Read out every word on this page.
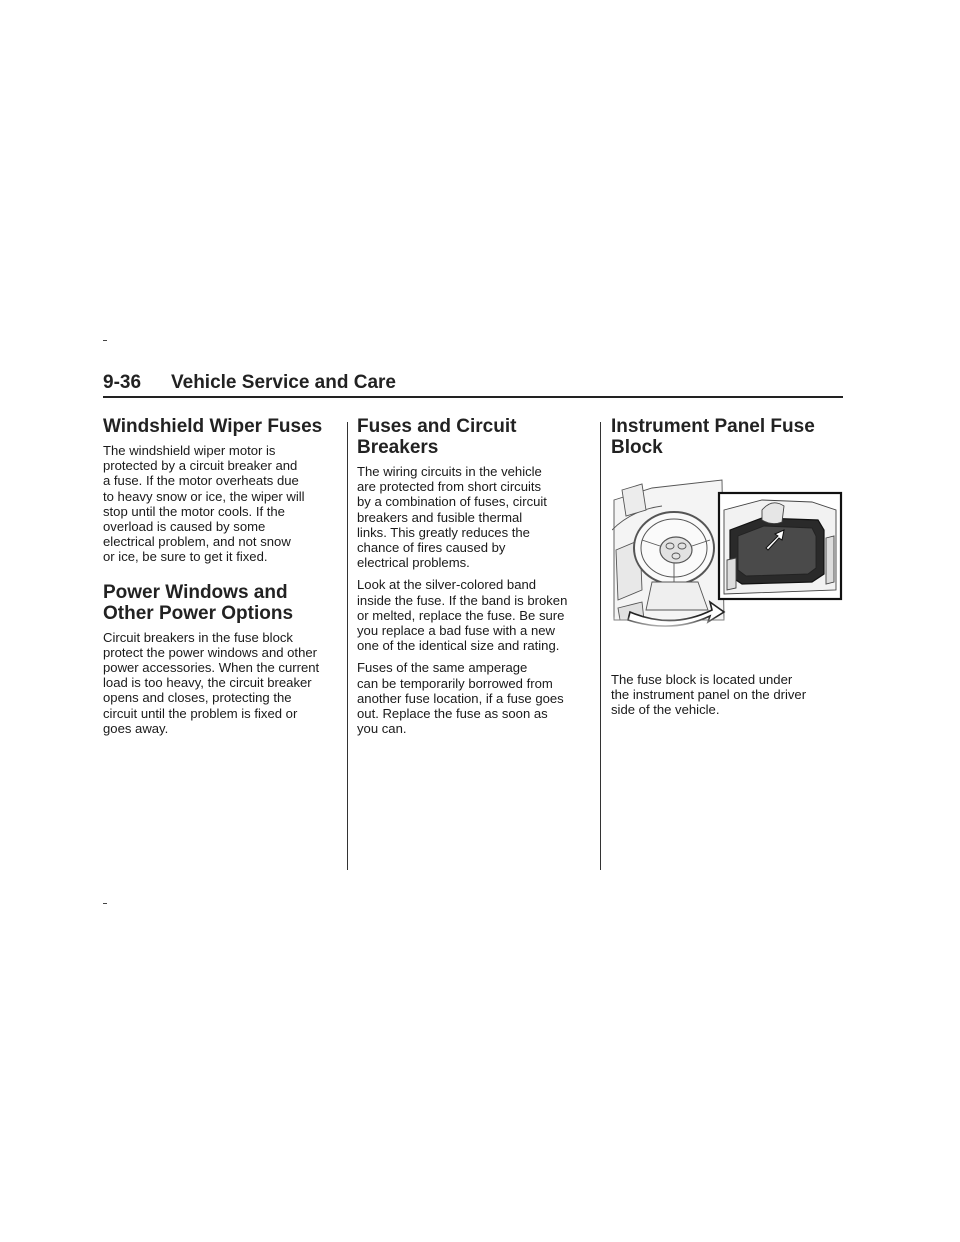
9-36 Vehicle Service and Care
Windshield Wiper Fuses

The windshield wiper motor is
protected by a circuit breaker and
a fuse. If the motor overheats due
to heavy snow or ice, the wiper will
stop until the motor cools. If the
overload is caused by some
electrical problem, and not snow
or ice, be sure to get it fixed.

Power Windows and
Other Power Options

Circuit breakers in the fuse block
protect the power windows and other
power accessories. When the current
load is too heavy, the circuit breaker
opens and closes, protecting the
circuit until the problem is fixed or
goes away.

Fuses and Circuit
Breakers

The wiring circuits in the vehicle
are protected from short circuits
by a combination of fuses, circuit
breakers and fusible thermal
links. This greatly reduces the
chance of fires caused by
electrical problems.

Look at the silver-colored band
inside the fuse. If the band is broken
or melted, replace the fuse. Be sure
you replace a bad fuse with a new
one of the identical size and rating.

Fuses of the same amperage
can be temporarily borrowed from
another fuse location, if a fuse goes
out. Replace the fuse as soon as
you can.

Instrument Panel Fuse
Block

The fuse block is located under
the instrument panel on the driver
side of the vehicle.
